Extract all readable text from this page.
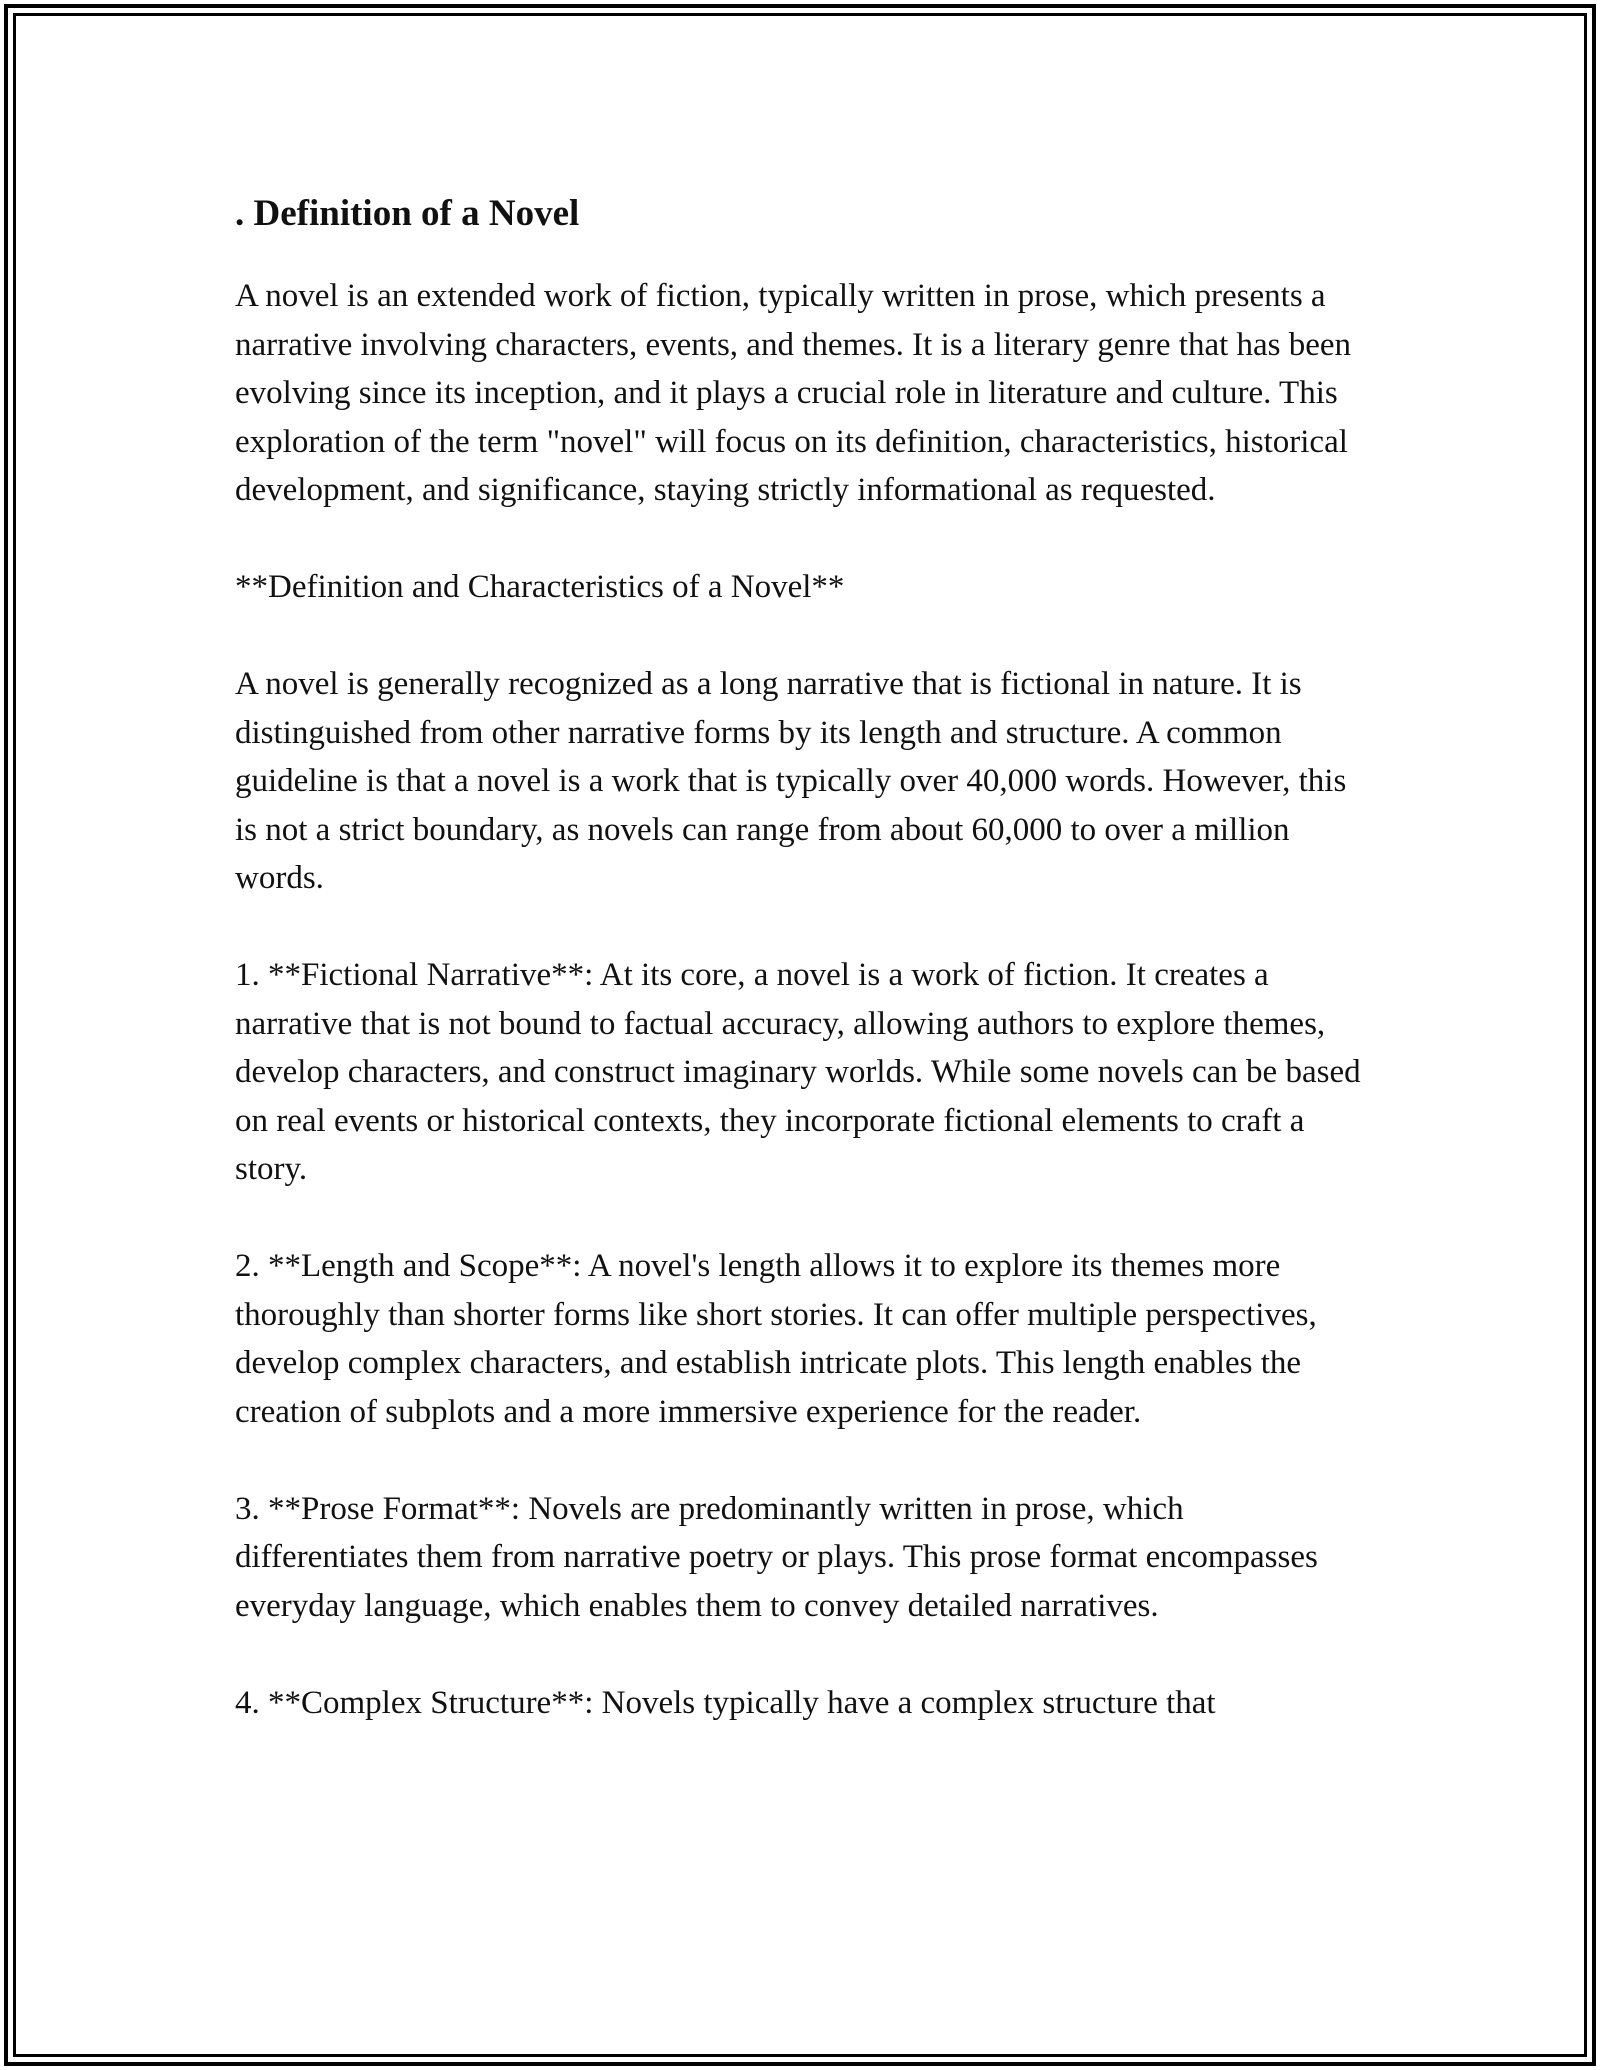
. Definition of a Novel

A novel is an extended work of fiction, typically written in prose, which presents a narrative involving characters, events, and themes. It is a literary genre that has been evolving since its inception, and it plays a crucial role in literature and culture. This exploration of the term "novel" will focus on its definition, characteristics, historical development, and significance, staying strictly informational as requested.

**Definition and Characteristics of a Novel**

A novel is generally recognized as a long narrative that is fictional in nature. It is distinguished from other narrative forms by its length and structure. A common guideline is that a novel is a work that is typically over 40,000 words. However, this is not a strict boundary, as novels can range from about 60,000 to over a million words.

1. **Fictional Narrative**: At its core, a novel is a work of fiction. It creates a narrative that is not bound to factual accuracy, allowing authors to explore themes, develop characters, and construct imaginary worlds. While some novels can be based on real events or historical contexts, they incorporate fictional elements to craft a story.

2. **Length and Scope**: A novel's length allows it to explore its themes more thoroughly than shorter forms like short stories. It can offer multiple perspectives, develop complex characters, and establish intricate plots. This length enables the creation of subplots and a more immersive experience for the reader.

3. **Prose Format**: Novels are predominantly written in prose, which differentiates them from narrative poetry or plays. This prose format encompasses everyday language, which enables them to convey detailed narratives.

4. **Complex Structure**: Novels typically have a complex structure that
